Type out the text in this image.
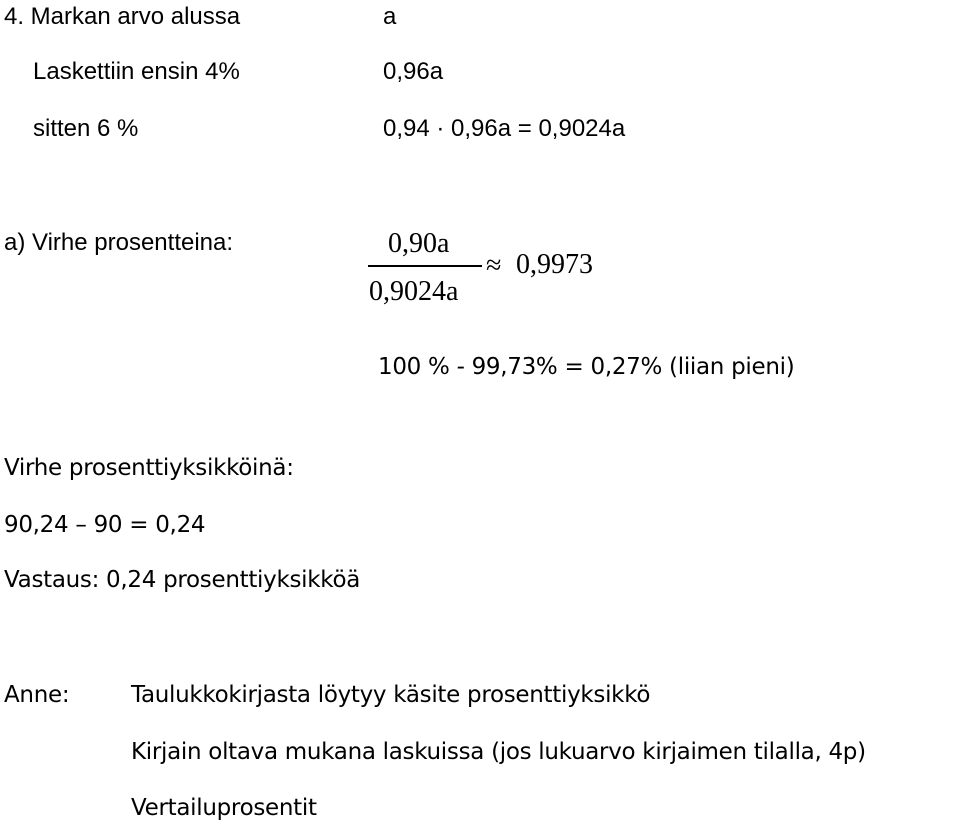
4. Markan arvo alussa	a
Laskettiin ensin 4%	0,96a
sitten 6 %	0,94 · 0,96a = 0,9024a
a) Virhe prosentteina:	0,90a
0,9024a
≈ 0,9973
100 % - 99,73% = 0,27% (liian pieni)
Virhe prosenttiyksikköinä:
90,24 – 90 = 0,24
Vastaus: 0,24 prosenttiyksikköä
Anne:	Taulukkokirjasta löytyy käsite prosenttiyksikkö
Kirjain oltava mukana laskuissa (jos lukuarvo kirjaimen tilalla, 4p)
Vertailuprosentit
